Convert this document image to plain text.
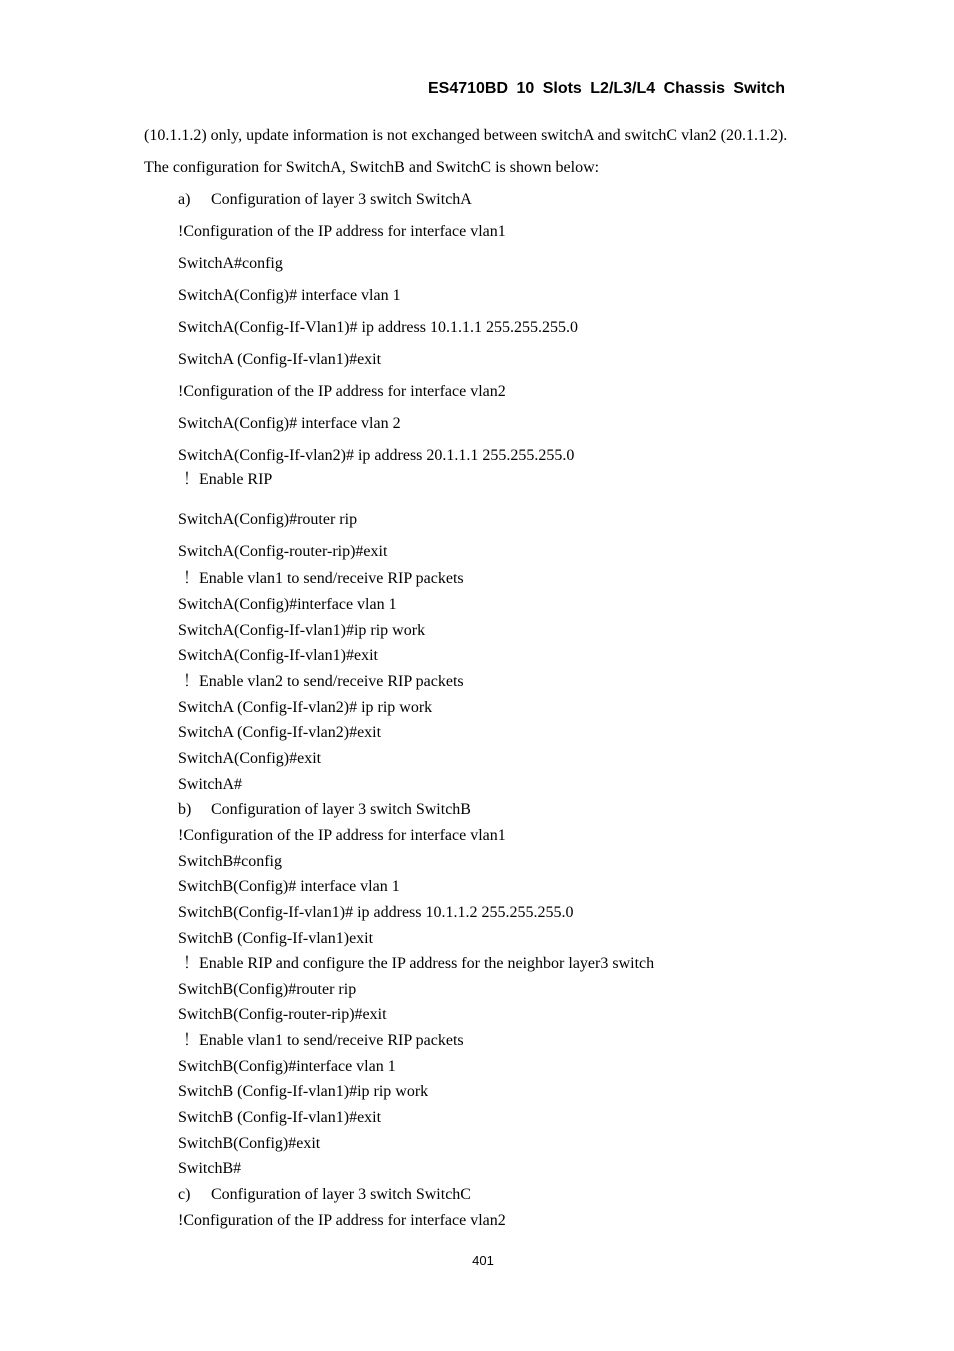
ES4710BD 10 Slots L2/L3/L4 Chassis Switch
(10.1.1.2) only, update information is not exchanged between switchA and switchC vlan2 (20.1.1.2).
The configuration for SwitchA, SwitchB and SwitchC is shown below:
a) Configuration of layer 3 switch SwitchA
!Configuration of the IP address for interface vlan1
SwitchA#config
SwitchA(Config)# interface vlan 1
SwitchA(Config-If-Vlan1)# ip address 10.1.1.1 255.255.255.0
SwitchA (Config-If-vlan1)#exit
!Configuration of the IP address for interface vlan2
SwitchA(Config)# interface vlan 2
SwitchA(Config-If-vlan2)# ip address 20.1.1.1 255.255.255.0
！Enable RIP
SwitchA(Config)#router rip
SwitchA(Config-router-rip)#exit
！Enable vlan1 to send/receive RIP packets
SwitchA(Config)#interface vlan 1
SwitchA(Config-If-vlan1)#ip rip work
SwitchA(Config-If-vlan1)#exit
！Enable vlan2 to send/receive RIP packets
SwitchA (Config-If-vlan2)# ip rip work
SwitchA (Config-If-vlan2)#exit
SwitchA(Config)#exit
SwitchA#
b) Configuration of layer 3 switch SwitchB
!Configuration of the IP address for interface vlan1
SwitchB#config
SwitchB(Config)# interface vlan 1
SwitchB(Config-If-vlan1)# ip address 10.1.1.2 255.255.255.0
SwitchB (Config-If-vlan1)exit
！Enable RIP and configure the IP address for the neighbor layer3 switch
SwitchB(Config)#router rip
SwitchB(Config-router-rip)#exit
！Enable vlan1 to send/receive RIP packets
SwitchB(Config)#interface vlan 1
SwitchB (Config-If-vlan1)#ip rip work
SwitchB (Config-If-vlan1)#exit
SwitchB(Config)#exit
SwitchB#
c) Configuration of layer 3 switch SwitchC
!Configuration of the IP address for interface vlan2
401
